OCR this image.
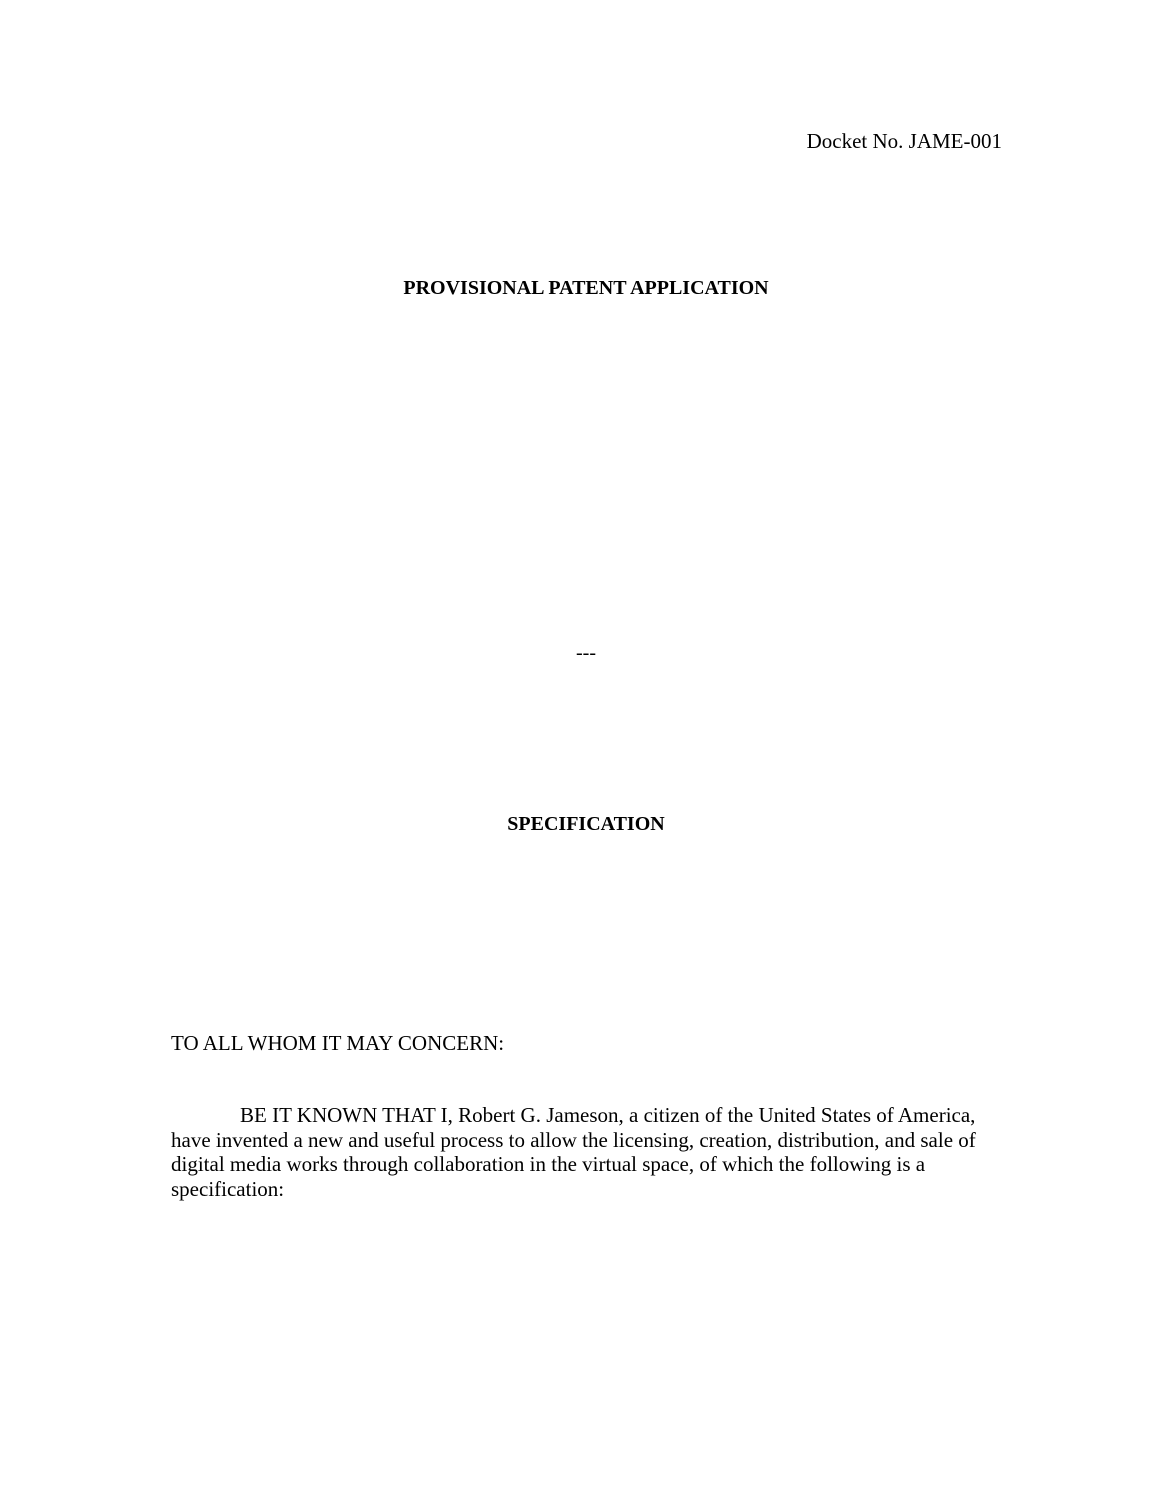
Docket No. JAME-001
PROVISIONAL PATENT APPLICATION
---
SPECIFICATION
TO ALL WHOM IT MAY CONCERN:

BE IT KNOWN THAT I, Robert G. Jameson, a citizen of the United States of America, have invented a new and useful process to allow the licensing, creation, distribution, and sale of digital media works through collaboration in the virtual space, of which the following is a specification:
